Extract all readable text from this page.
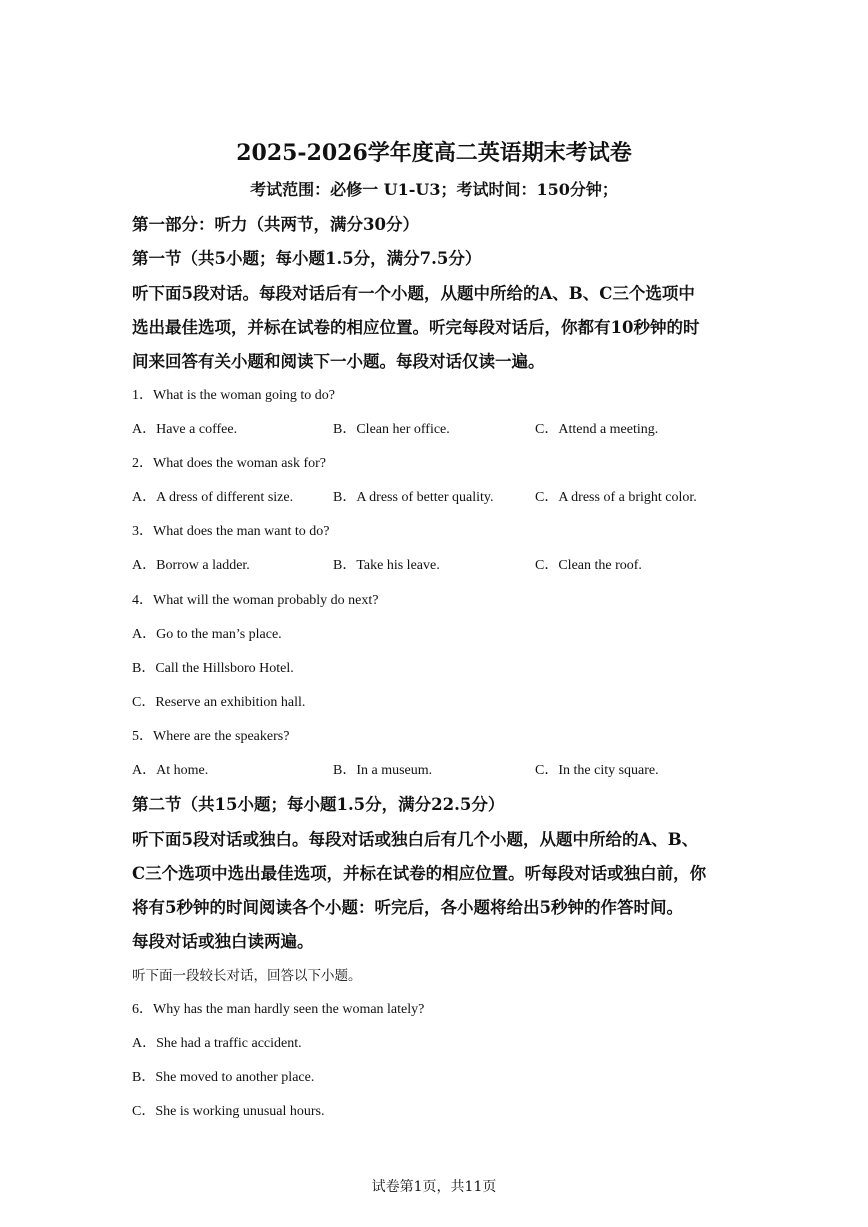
2025-2026学年度高二英语期末考试卷
考试范围：必修一 U1-U3；考试时间：150分钟；
第一部分：听力（共两节，满分30分）
第一节（共5小题；每小题1.5分，满分7.5分）
听下面5段对话。每段对话后有一个小题，从题中所给的A、B、C三个选项中
选出最佳选项，并标在试卷的相应位置。听完每段对话后，你都有10秒钟的时
间来回答有关小题和阅读下一小题。每段对话仅读一遍。
1．What is the woman going to do?
A．Have a coffee.	B．Clean her office.	C．Attend a meeting.
2．What does the woman ask for?
A．A dress of different size.	B．A dress of better quality.	C．A dress of a bright color.
3．What does the man want to do?
A．Borrow a ladder.	B．Take his leave.	C．Clean the roof.
4．What will the woman probably do next?
A．Go to the man’s place.
B．Call the Hillsboro Hotel.
C．Reserve an exhibition hall.
5．Where are the speakers?
A．At home.	B．In a museum.	C．In the city square.
第二节（共15小题；每小题1.5分，满分22.5分）
听下面5段对话或独白。每段对话或独白后有几个小题，从题中所给的A、B、
C三个选项中选出最佳选项，并标在试卷的相应位置。听每段对话或独白前，你
将有5秒钟的时间阅读各个小题：听完后，各小题将给出5秒钟的作答时间。
每段对话或独白读两遍。
听下面一段较长对话，回答以下小题。
6．Why has the man hardly seen the woman lately?
A．She had a traffic accident.
B．She moved to another place.
C．She is working unusual hours.
试卷第1页，共11页
